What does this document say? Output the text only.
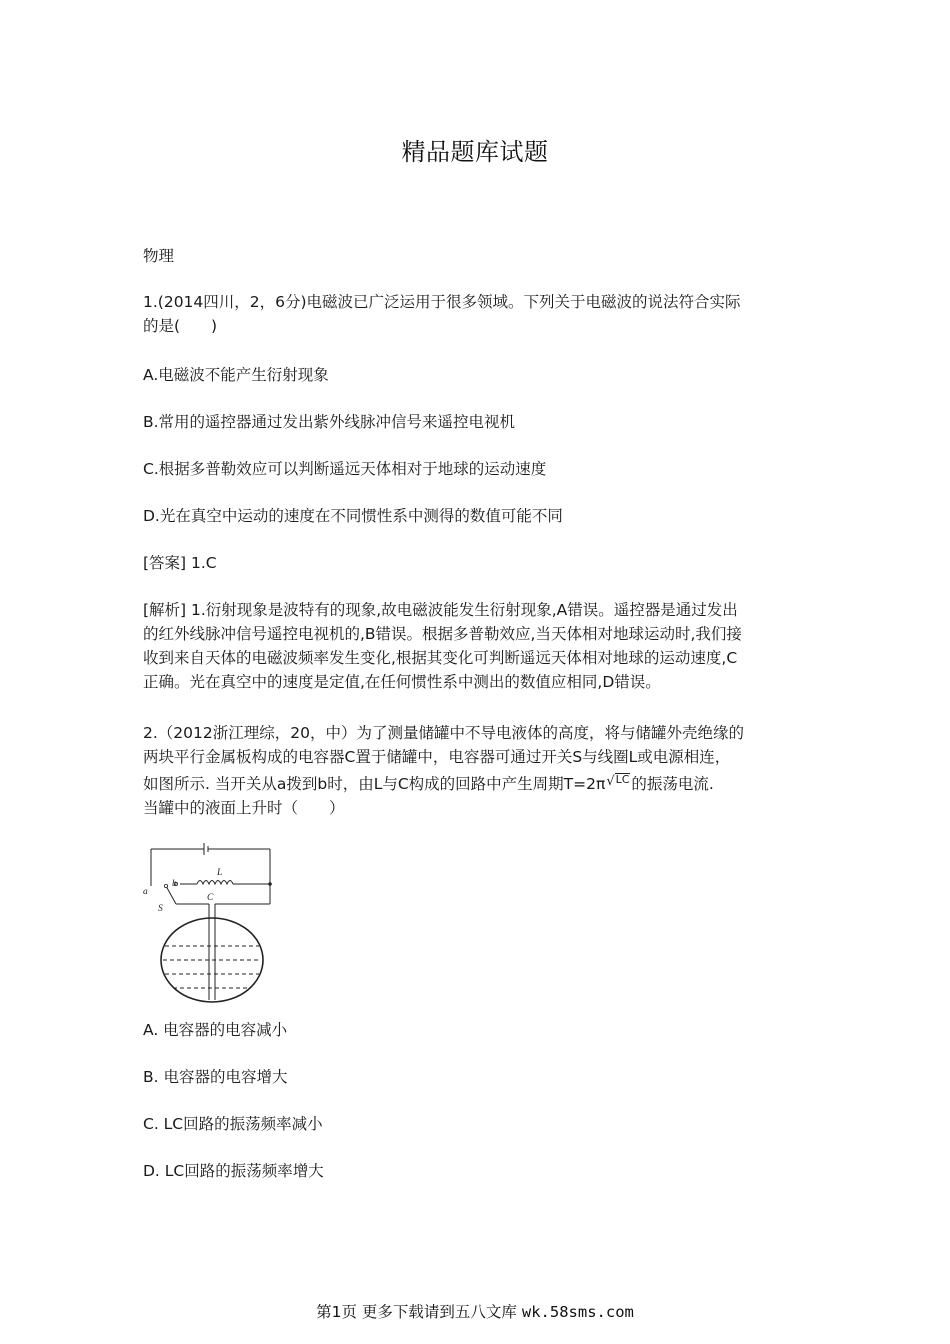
精品题库试题
物理
1.(2014四川，2，6分)电磁波已广泛运用于很多领域。下列关于电磁波的说法符合实际
的是(　　)
A.电磁波不能产生衍射现象
B.常用的遥控器通过发出紫外线脉冲信号来遥控电视机
C.根据多普勒效应可以判断遥远天体相对于地球的运动速度
D.光在真空中运动的速度在不同惯性系中测得的数值可能不同
[答案] 1.C
[解析] 1.衍射现象是波特有的现象,故电磁波能发生衍射现象,A错误。遥控器是通过发出
的红外线脉冲信号遥控电视机的,B错误。根据多普勒效应,当天体相对地球运动时,我们接
收到来自天体的电磁波频率发生变化,根据其变化可判断遥远天体相对地球的运动速度,C
正确。光在真空中的速度是定值,在任何惯性系中测出的数值应相同,D错误。
2.（2012浙江理综，20，中）为了测量储罐中不导电液体的高度，将与储罐外壳绝缘的
两块平行金属板构成的电容器C置于储罐中，电容器可通过开关S与线圈L或电源相连，
如图所示. 当开关从a拨到b时，由L与C构成的回路中产生周期T=2π√LC 的振荡电流.
当罐中的液面上升时（　　）
L
b
a
S
C
A. 电容器的电容减小
B. 电容器的电容增大
C. LC回路的振荡频率减小
D. LC回路的振荡频率增大
第1页 更多下载请到五八文库 wk.58sms.com
